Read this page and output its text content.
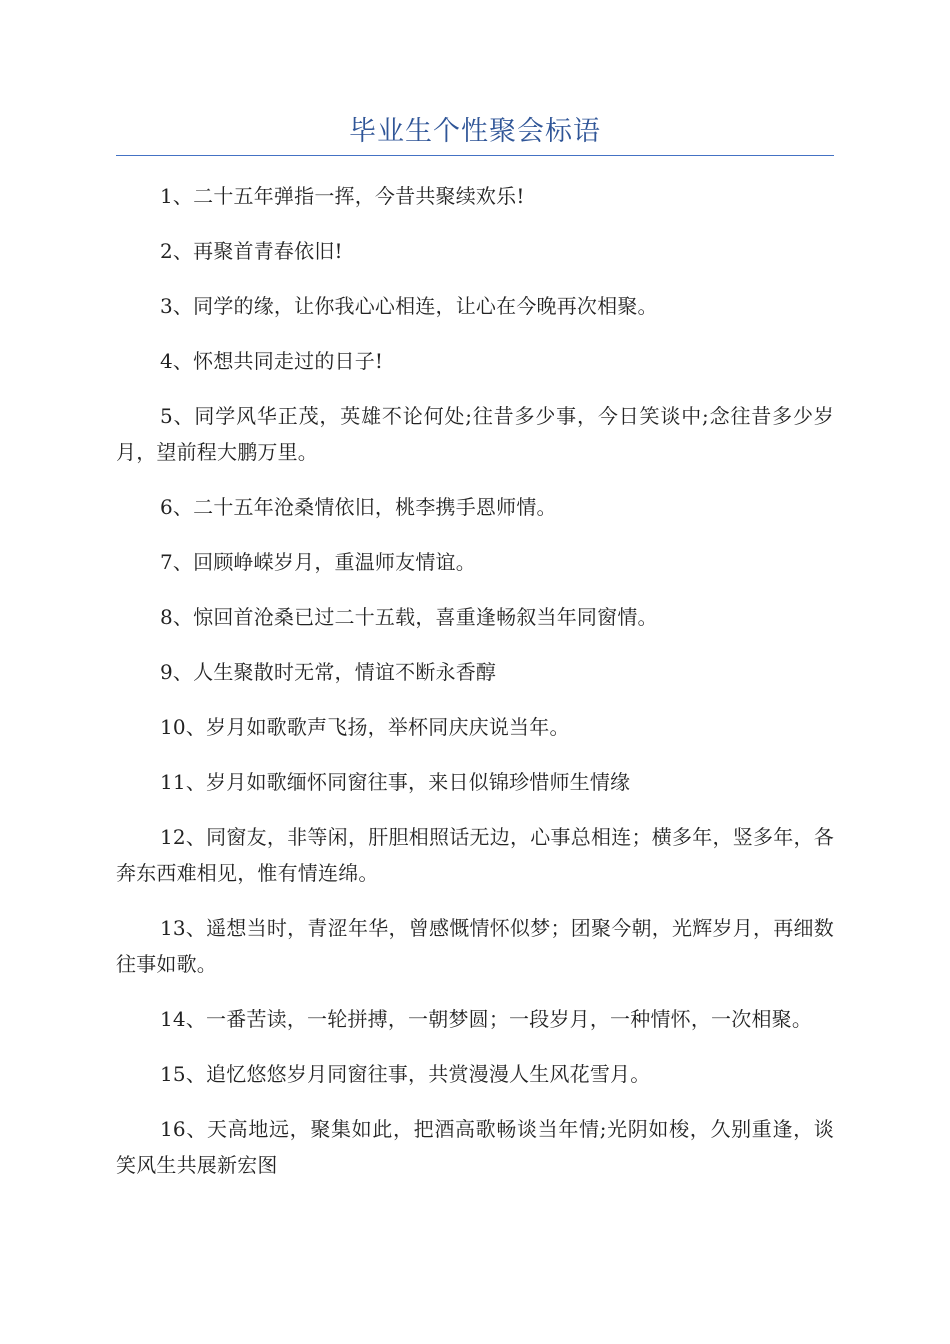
毕业生个性聚会标语

1、二十五年弹指一挥，今昔共聚续欢乐!

2、再聚首青春依旧!

3、同学的缘，让你我心心相连，让心在今晚再次相聚。

4、怀想共同走过的日子!

5、同学风华正茂，英雄不论何处;往昔多少事，今日笑谈中;念往昔多少岁月，望前程大鹏万里。

6、二十五年沧桑情依旧，桃李携手恩师情。

7、回顾峥嵘岁月，重温师友情谊。

8、惊回首沧桑已过二十五载，喜重逢畅叙当年同窗情。

9、人生聚散时无常，情谊不断永香醇

10、岁月如歌歌声飞扬，举杯同庆庆说当年。

11、岁月如歌缅怀同窗往事，来日似锦珍惜师生情缘

12、同窗友，非等闲，肝胆相照话无边，心事总相连；横多年，竖多年，各奔东西难相见，惟有情连绵。

13、遥想当时，青涩年华，曾感慨情怀似梦；团聚今朝，光辉岁月，再细数往事如歌。

14、一番苦读，一轮拼搏，一朝梦圆；一段岁月，一种情怀，一次相聚。

15、追忆悠悠岁月同窗往事，共赏漫漫人生风花雪月。

16、天高地远，聚集如此，把酒高歌畅谈当年情;光阴如梭，久别重逢，谈笑风生共展新宏图
